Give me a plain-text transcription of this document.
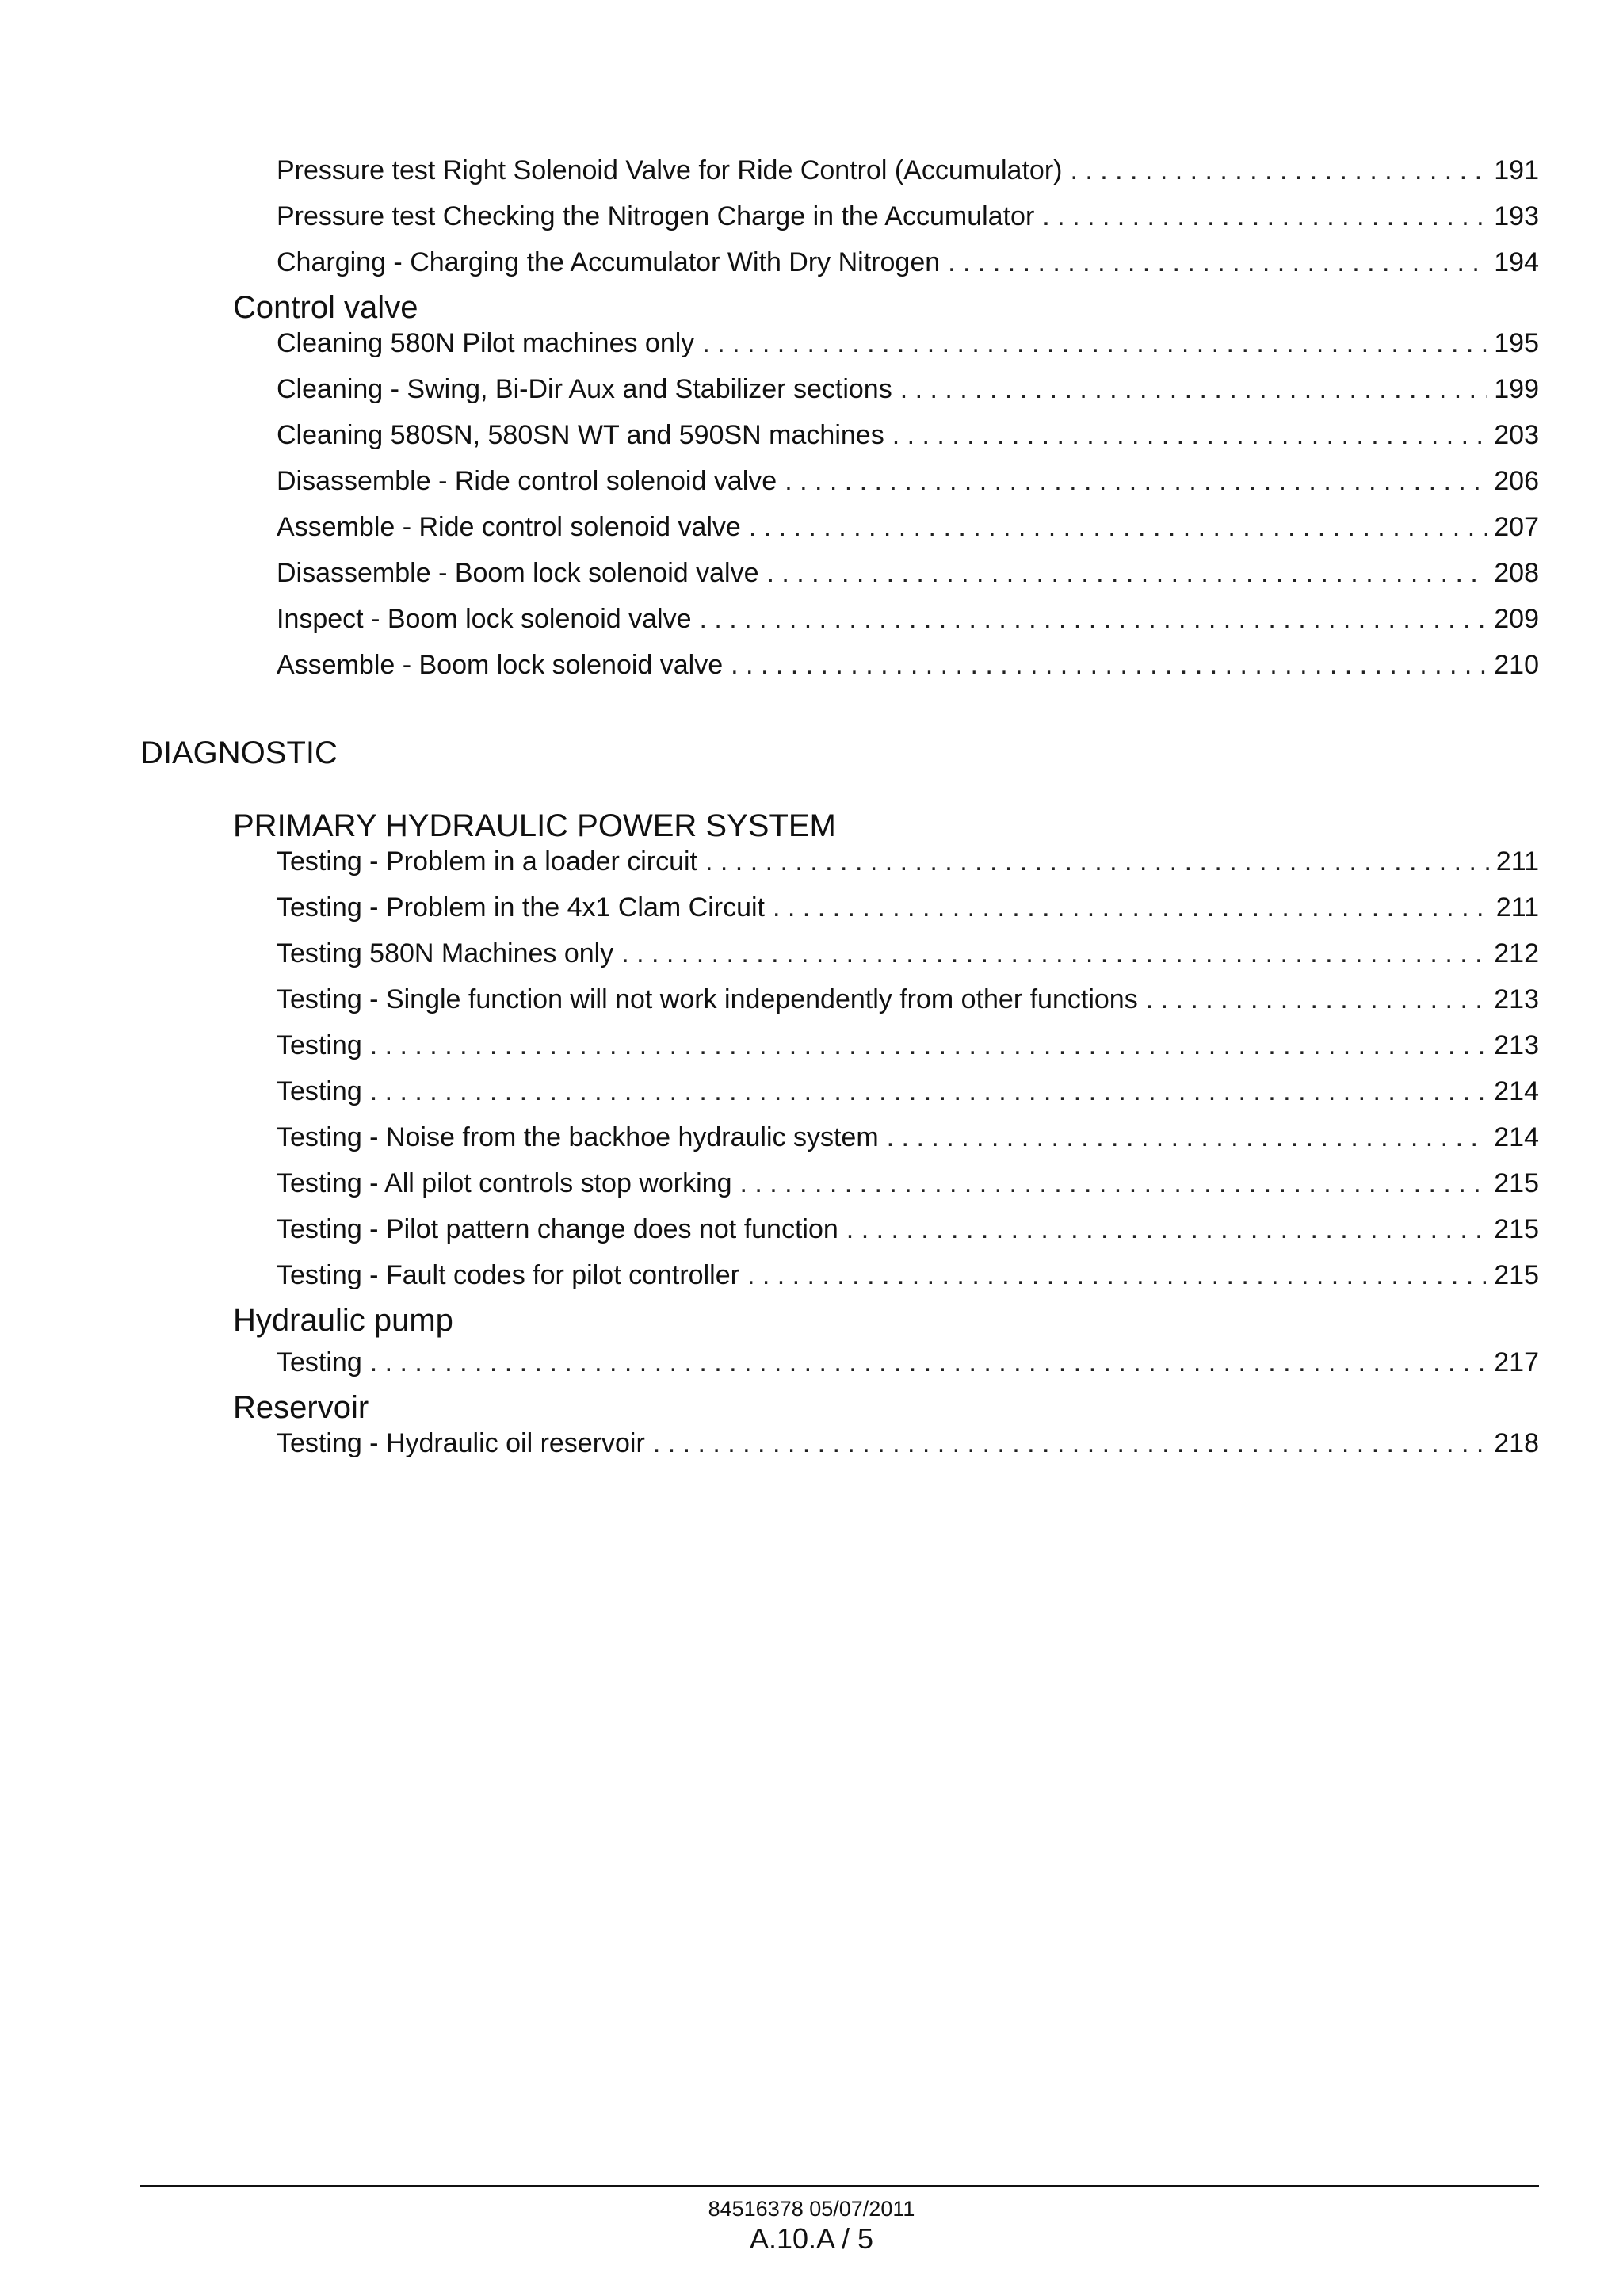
Pressure test Right Solenoid Valve for Ride Control (Accumulator) . . .	191
Pressure test Checking the Nitrogen Charge in the Accumulator . . .	193
Charging - Charging the Accumulator With Dry Nitrogen . . .	194
Control valve
Cleaning 580N Pilot machines only . . .	195
Cleaning - Swing, Bi-Dir Aux and Stabilizer sections . . .	199
Cleaning 580SN, 580SN WT and 590SN machines . . .	203
Disassemble - Ride control solenoid valve . . .	206
Assemble - Ride control solenoid valve . . .	207
Disassemble - Boom lock solenoid valve . . .	208
Inspect - Boom lock solenoid valve . . .	209
Assemble - Boom lock solenoid valve . . .	210
DIAGNOSTIC
PRIMARY HYDRAULIC POWER SYSTEM
Testing - Problem in a loader circuit . . .	211
Testing - Problem in the 4x1 Clam Circuit . . .	211
Testing 580N Machines only . . .	212
Testing - Single function will not work independently from other functions . . .	213
Testing . . .	213
Testing . . .	214
Testing - Noise from the backhoe hydraulic system . . .	214
Testing - All pilot controls stop working . . .	215
Testing - Pilot pattern change does not function . . .	215
Testing - Fault codes for pilot controller . . .	215
Hydraulic pump
Testing . . .	217
Reservoir
Testing - Hydraulic oil reservoir . . .	218
84516378 05/07/2011
A.10.A / 5
